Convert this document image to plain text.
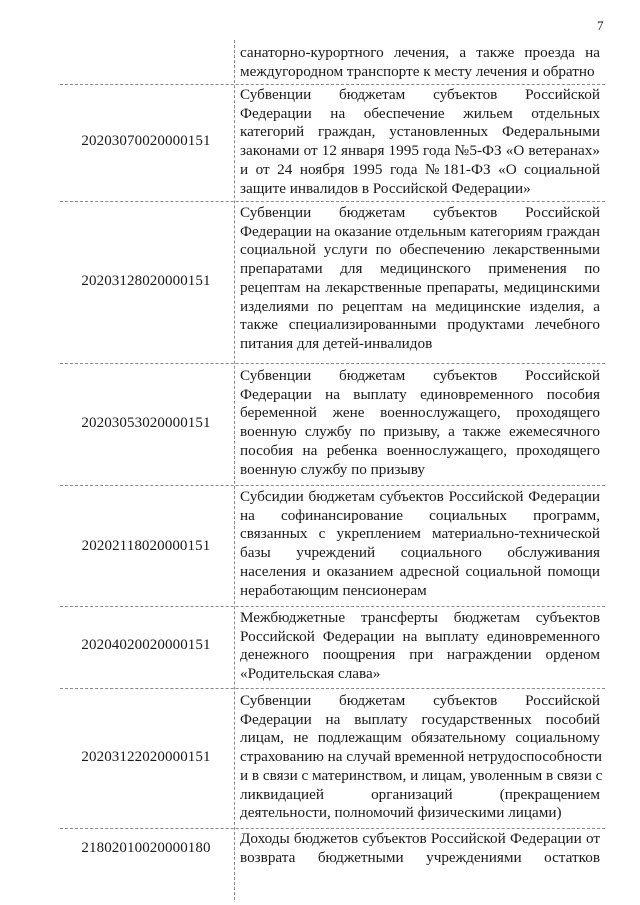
7
санаторно-курортного лечения, а также проезда на
междугородном транспорте к месту лечения и обратно
20203070020000151
Субвенции бюджетам субъектов Российской
Федерации на обеспечение жильем отдельных
категорий граждан, установленных Федеральными
законами от 12 января 1995 года №5-ФЗ «О ветеранах»
и от 24 ноября 1995 года №181-ФЗ «О социальной
защите инвалидов в Российской Федерации»
20203128020000151
Субвенции бюджетам субъектов Российской
Федерации на оказание отдельным категориям граждан
социальной услуги по обеспечению лекарственными
препаратами для медицинского применения по
рецептам на лекарственные препараты, медицинскими
изделиями по рецептам на медицинские изделия, а
также специализированными продуктами лечебного
питания для детей-инвалидов
20203053020000151
Субвенции бюджетам субъектов Российской
Федерации на выплату единовременного пособия
беременной жене военнослужащего, проходящего
военную службу по призыву, а также ежемесячного
пособия на ребенка военнослужащего, проходящего
военную службу по призыву
20202118020000151
Субсидии бюджетам субъектов Российской Федерации
на софинансирование социальных программ,
связанных с укреплением материально-технической
базы учреждений социального обслуживания
населения и оказанием адресной социальной помощи
неработающим пенсионерам
20204020020000151
Межбюджетные трансферты бюджетам субъектов
Российской Федерации на выплату единовременного
денежного поощрения при награждении орденом
«Родительская слава»
20203122020000151
Субвенции бюджетам субъектов Российской
Федерации на выплату государственных пособий
лицам, не подлежащим обязательному социальному
страхованию на случай временной нетрудоспособности
и в связи с материнством, и лицам, уволенным в связи с
ликвидацией организаций (прекращением
деятельности, полномочий физическими лицами)
21802010020000180
Доходы бюджетов субъектов Российской Федерации от
возврата бюджетными учреждениями остатков
